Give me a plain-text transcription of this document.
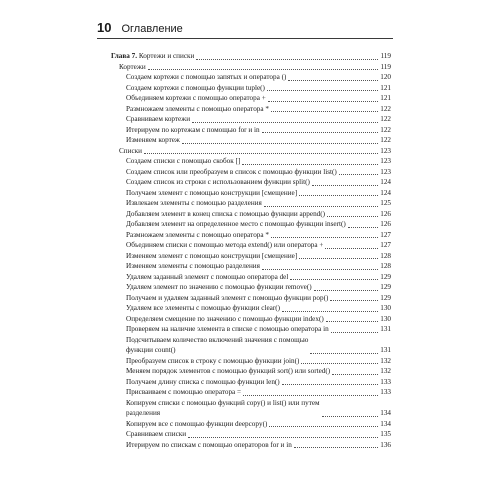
10 Оглавление
Глава 7. Кортежи и списки	119
Кортежи	119
Создаем кортежи с помощью запятых и оператора ()	120
Создаем кортежи с помощью функции tuple()	121
Объединяем кортежи с помощью оператора +	121
Размножаем элементы с помощью оператора *	122
Сравниваем кортежи	122
Итерируем по кортежам с помощью for и in	122
Изменяем кортеж	122
Списки	123
Создаем списки с помощью скобок []	123
Создаем список или преобразуем в список с помощью функции list()	123
Создаем список из строки с использованием функции split()	124
Получаем элемент с помощью конструкции [смещение]	124
Извлекаем элементы с помощью разделения	125
Добавляем элемент в конец списка с помощью функции append()	126
Добавляем элемент на определенное место с помощью функции insert()	126
Размножаем элементы с помощью оператора *	127
Объединяем списки с помощью метода extend() или оператора +	127
Изменяем элемент с помощью конструкции [смещение]	128
Изменяем элементы с помощью разделения	128
Удаляем заданный элемент с помощью оператора del	129
Удаляем элемент по значению с помощью функции remove()	129
Получаем и удаляем заданный элемент с помощью функции pop()	129
Удаляем все элементы с помощью функции clear()	130
Определяем смещение по значению с помощью функции index()	130
Проверяем на наличие элемента в списке с помощью оператора in	131
Подсчитываем количество включений значения с помощью
функции count()	131
Преобразуем список в строку с помощью функции join()	132
Меняем порядок элементов с помощью функций sort() или sorted()	132
Получаем длину списка с помощью функции len()	133
Присваиваем с помощью оператора =	133
Копируем списки с помощью функций copy() и list() или путем
разделения	134
Копируем все с помощью функции deepcopy()	134
Сравниваем списки	135
Итерируем по спискам с помощью операторов for и in	136
